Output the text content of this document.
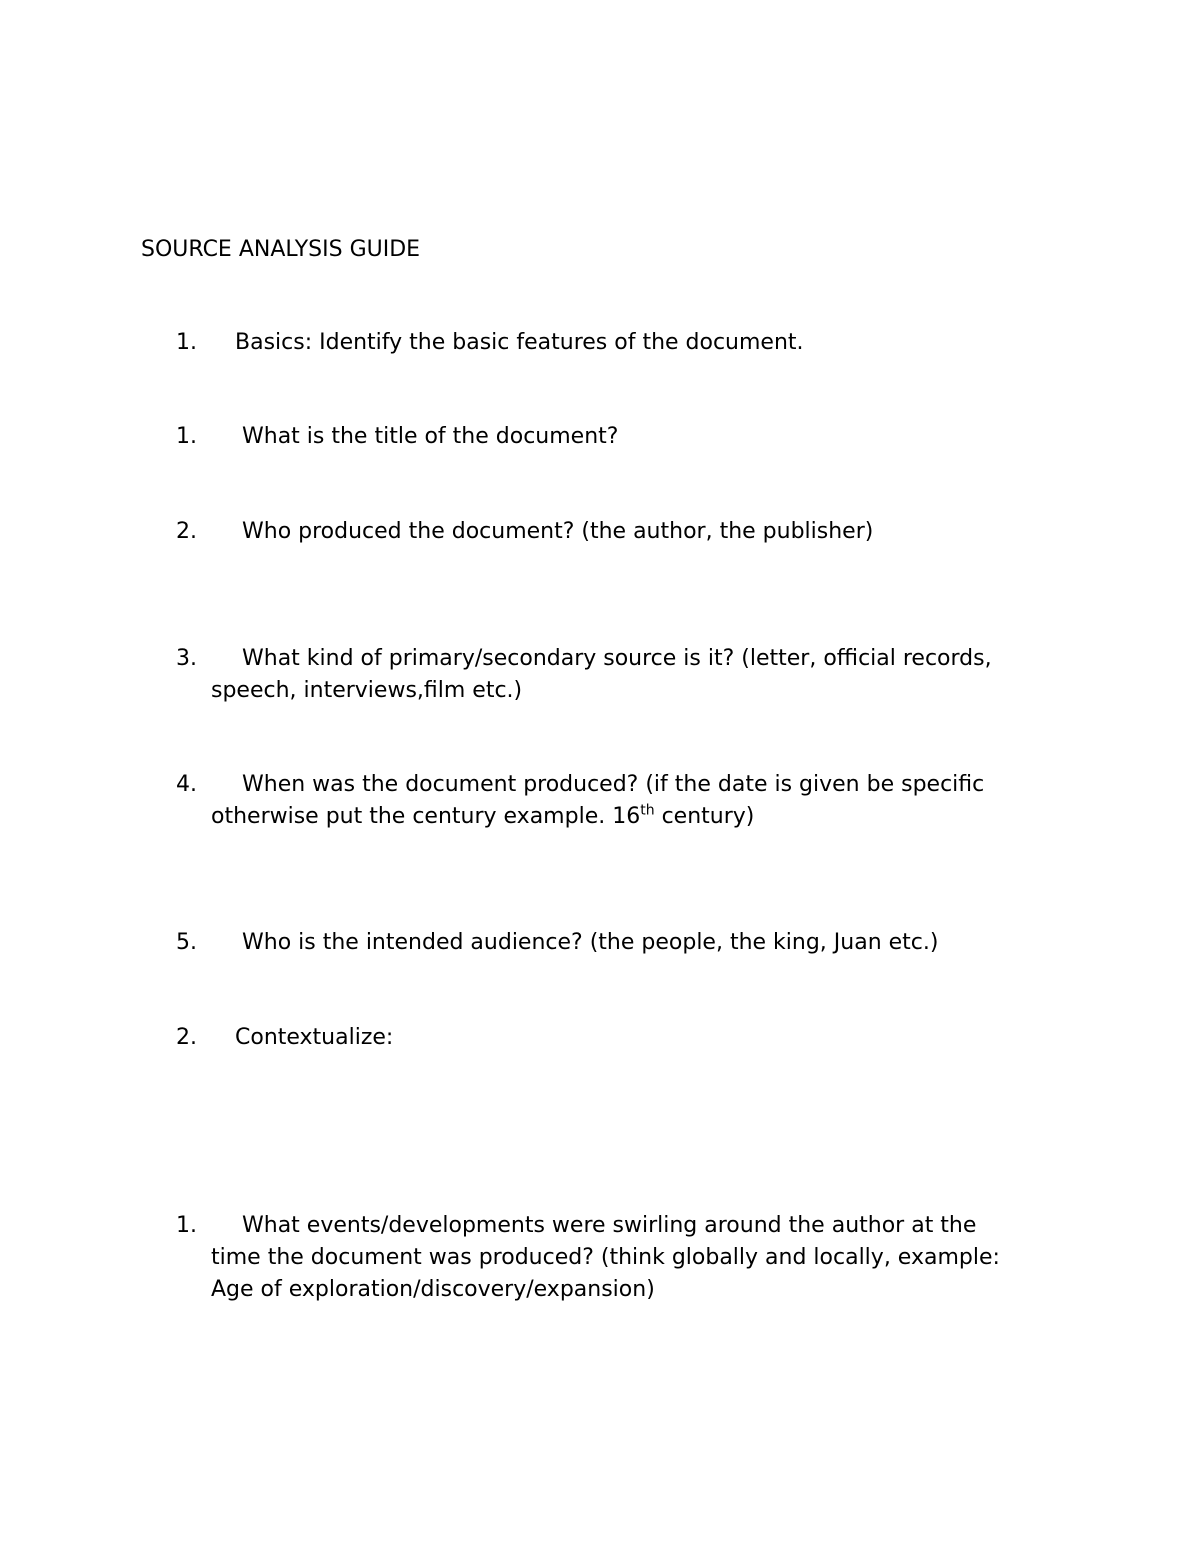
SOURCE ANALYSIS GUIDE
1. Basics: Identify the basic features of the document.
1. What is the title of the document?
2. Who produced the document? (the author, the publisher)
3. What kind of primary/secondary source is it? (letter, official records,
speech, interviews,film etc.)
4. When was the document produced? (if the date is given be specific
otherwise put the century example. 16th century)
5. Who is the intended audience? (the people, the king, Juan etc.)
2. Contextualize:
1. What events/developments were swirling around the author at the
time the document was produced? (think globally and locally, example:
Age of exploration/discovery/expansion)
